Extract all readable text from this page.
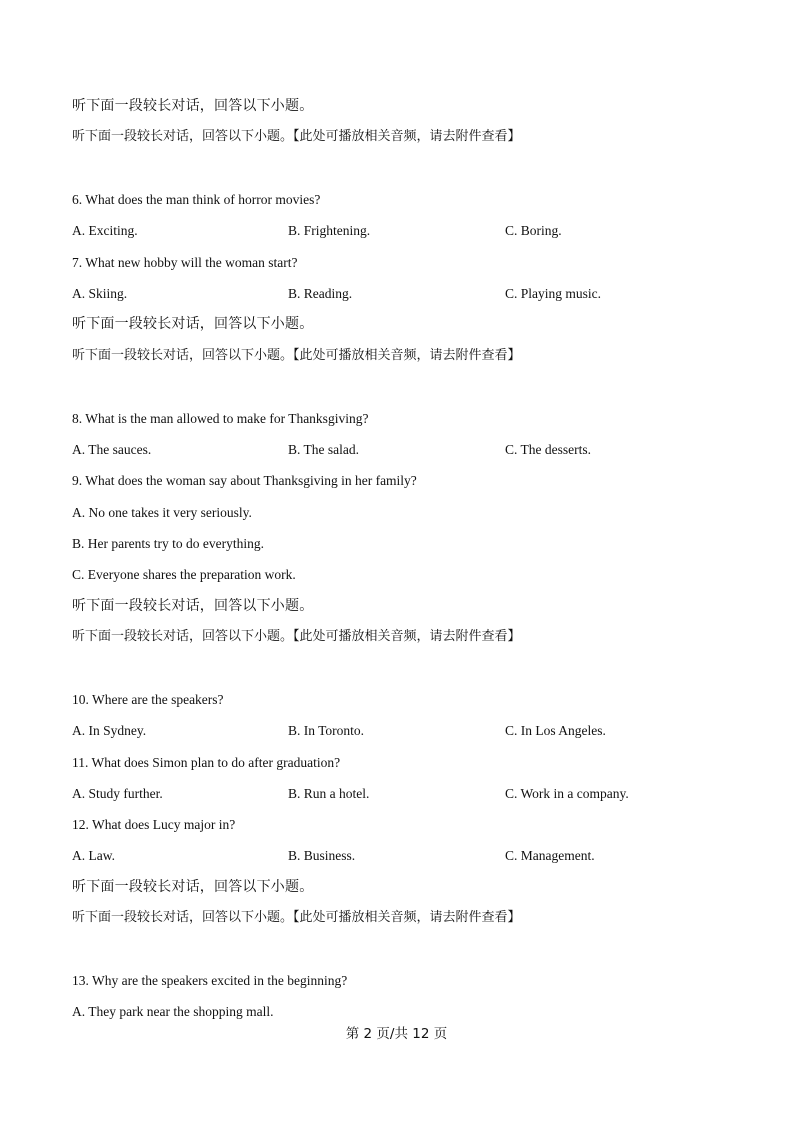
听下面一段较长对话，回答以下小题。
听下面一段较长对话，回答以下小题。【此处可播放相关音频，请去附件查看】
6. What does the man think of horror movies?
A. Exciting.	B. Frightening.	C. Boring.
7. What new hobby will the woman start?
A. Skiing.	B. Reading.	C. Playing music.
听下面一段较长对话，回答以下小题。
听下面一段较长对话，回答以下小题。【此处可播放相关音频，请去附件查看】
8. What is the man allowed to make for Thanksgiving?
A. The sauces.	B. The salad.	C. The desserts.
9. What does the woman say about Thanksgiving in her family?
A. No one takes it very seriously.
B. Her parents try to do everything.
C. Everyone shares the preparation work.
听下面一段较长对话，回答以下小题。
听下面一段较长对话，回答以下小题。【此处可播放相关音频，请去附件查看】
10. Where are the speakers?
A. In Sydney.	B. In Toronto.	C. In Los Angeles.
11. What does Simon plan to do after graduation?
A. Study further.	B. Run a hotel.	C. Work in a company.
12. What does Lucy major in?
A. Law.	B. Business.	C. Management.
听下面一段较长对话，回答以下小题。
听下面一段较长对话，回答以下小题。【此处可播放相关音频，请去附件查看】
13. Why are the speakers excited in the beginning?
A. They park near the shopping mall.
第 2 页/共 12 页
